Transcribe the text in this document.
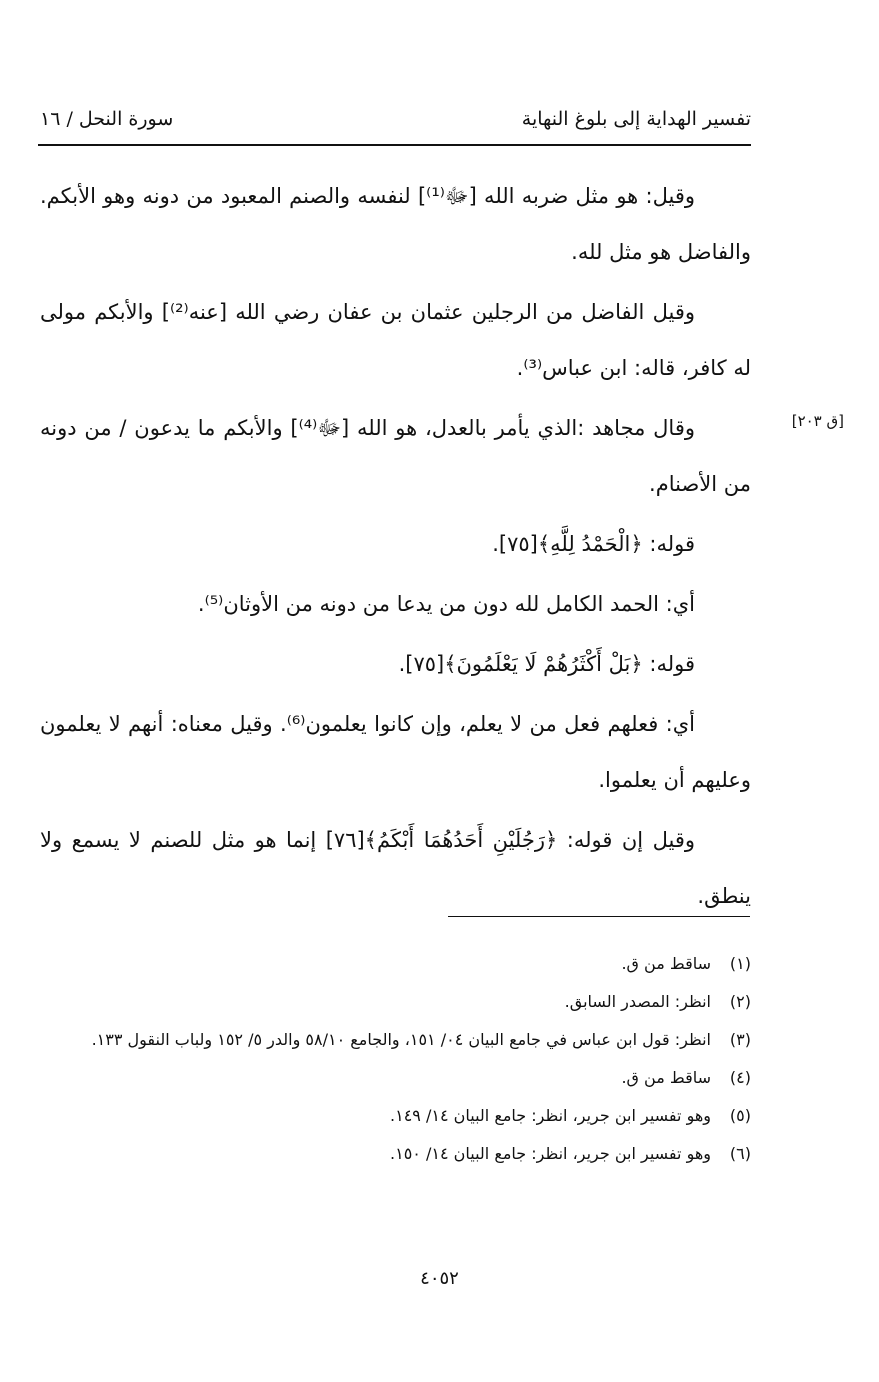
تفسير الهداية إلى بلوغ النهاية
سورة النحل / ١٦
[ق ٢٠٣]

وقيل: هو مثل ضربه الله [ﷻ⁽¹⁾] لنفسه والصنم المعبود من دونه وهو الأبكم. والفاضل هو مثل لله.

وقيل الفاضل من الرجلين عثمان بن عفان رضي الله [عنه⁽²⁾] والأبكم مولى له كافر، قاله: ابن عباس⁽³⁾.

وقال مجاهد :الذي يأمر بالعدل، هو الله [ﷻ⁽⁴⁾] والأبكم ما يدعون / من دونه من الأصنام.

قوله: ﴿الْحَمْدُ لِلَّهِ﴾[٧٥].

أي: الحمد الكامل لله دون من يدعا من دونه من الأوثان⁽⁵⁾.

قوله: ﴿بَلْ أَكْثَرُهُمْ لَا يَعْلَمُونَ﴾[٧٥].

أي: فعلهم فعل من لا يعلم، وإن كانوا يعلمون⁽⁶⁾. وقيل معناه: أنهم لا يعلمون وعليهم أن يعلموا.

وقيل إن قوله: ﴿رَجُلَيْنِ أَحَدُهُمَا أَبْكَمُ﴾[٧٦] إنما هو مثل للصنم لا يسمع ولا ينطق.

(١)
ساقط من ق.
(٢)
انظر: المصدر السابق.
(٣)
انظر: قول ابن عباس في جامع البيان ٠٤/ ١٥١، والجامع ٥٨/١٠ والدر ٥/ ١٥٢ ولباب النقول ١٣٣.
(٤)
ساقط من ق.
(٥)
وهو تفسير ابن جرير، انظر: جامع البيان ١٤/ ١٤٩.
(٦)
وهو تفسير ابن جرير، انظر: جامع البيان ١٤/ ١٥٠.
٤٠٥٢
